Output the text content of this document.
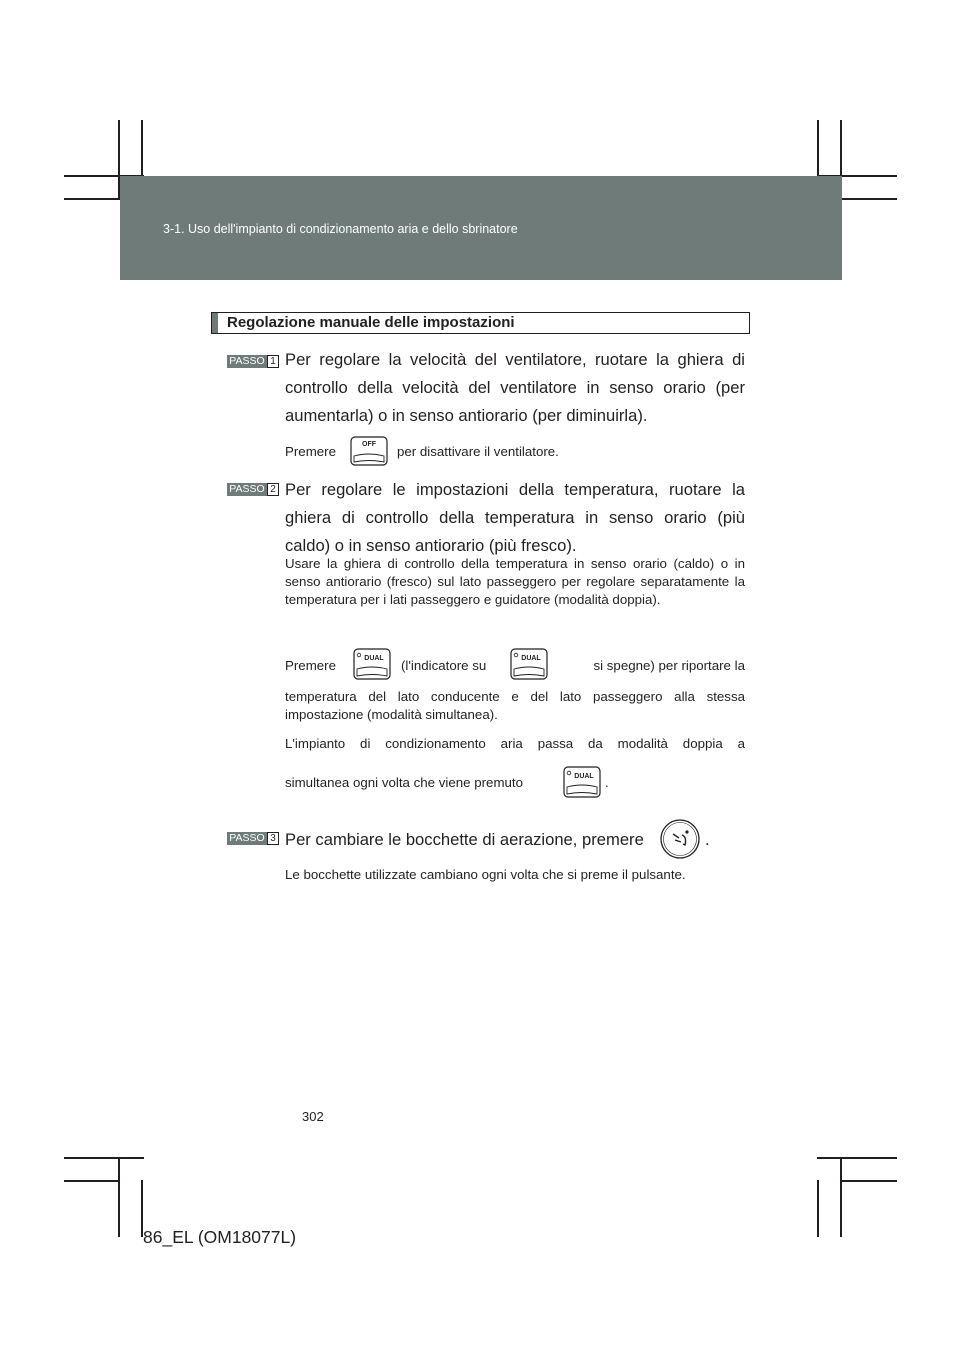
3-1. Uso dell'impianto di condizionamento aria e dello sbrinatore
Regolazione manuale delle impostazioni
PASSO 1 Per regolare la velocità del ventilatore, ruotare la ghiera di controllo della velocità del ventilatore in senso orario (per aumentarla) o in senso antiorario (per diminuirla).
Premere	OFF per disattivare il ventilatore.
PASSO 2 Per regolare le impostazioni della temperatura, ruotare la ghiera di controllo della temperatura in senso orario (più caldo) o in senso antiorario (più fresco).
Usare la ghiera di controllo della temperatura in senso orario (caldo) o in senso antiorario (fresco) sul lato passeggero per regolare separatamente la temperatura per i lati passeggero e guidatore (modalità doppia).
Premere	DUAL (l'indicatore su	DUAL	si spegne) per riportare la
temperatura del lato conducente e del lato passeggero alla stessa impostazione (modalità simultanea).
L'impianto di condizionamento aria passa da modalità doppia a
simultanea ogni volta che viene premuto	DUAL .
PASSO 3 Per cambiare le bocchette di aerazione, premere	.
Le bocchette utilizzate cambiano ogni volta che si preme il pulsante.
302
86_EL (OM18077L)
